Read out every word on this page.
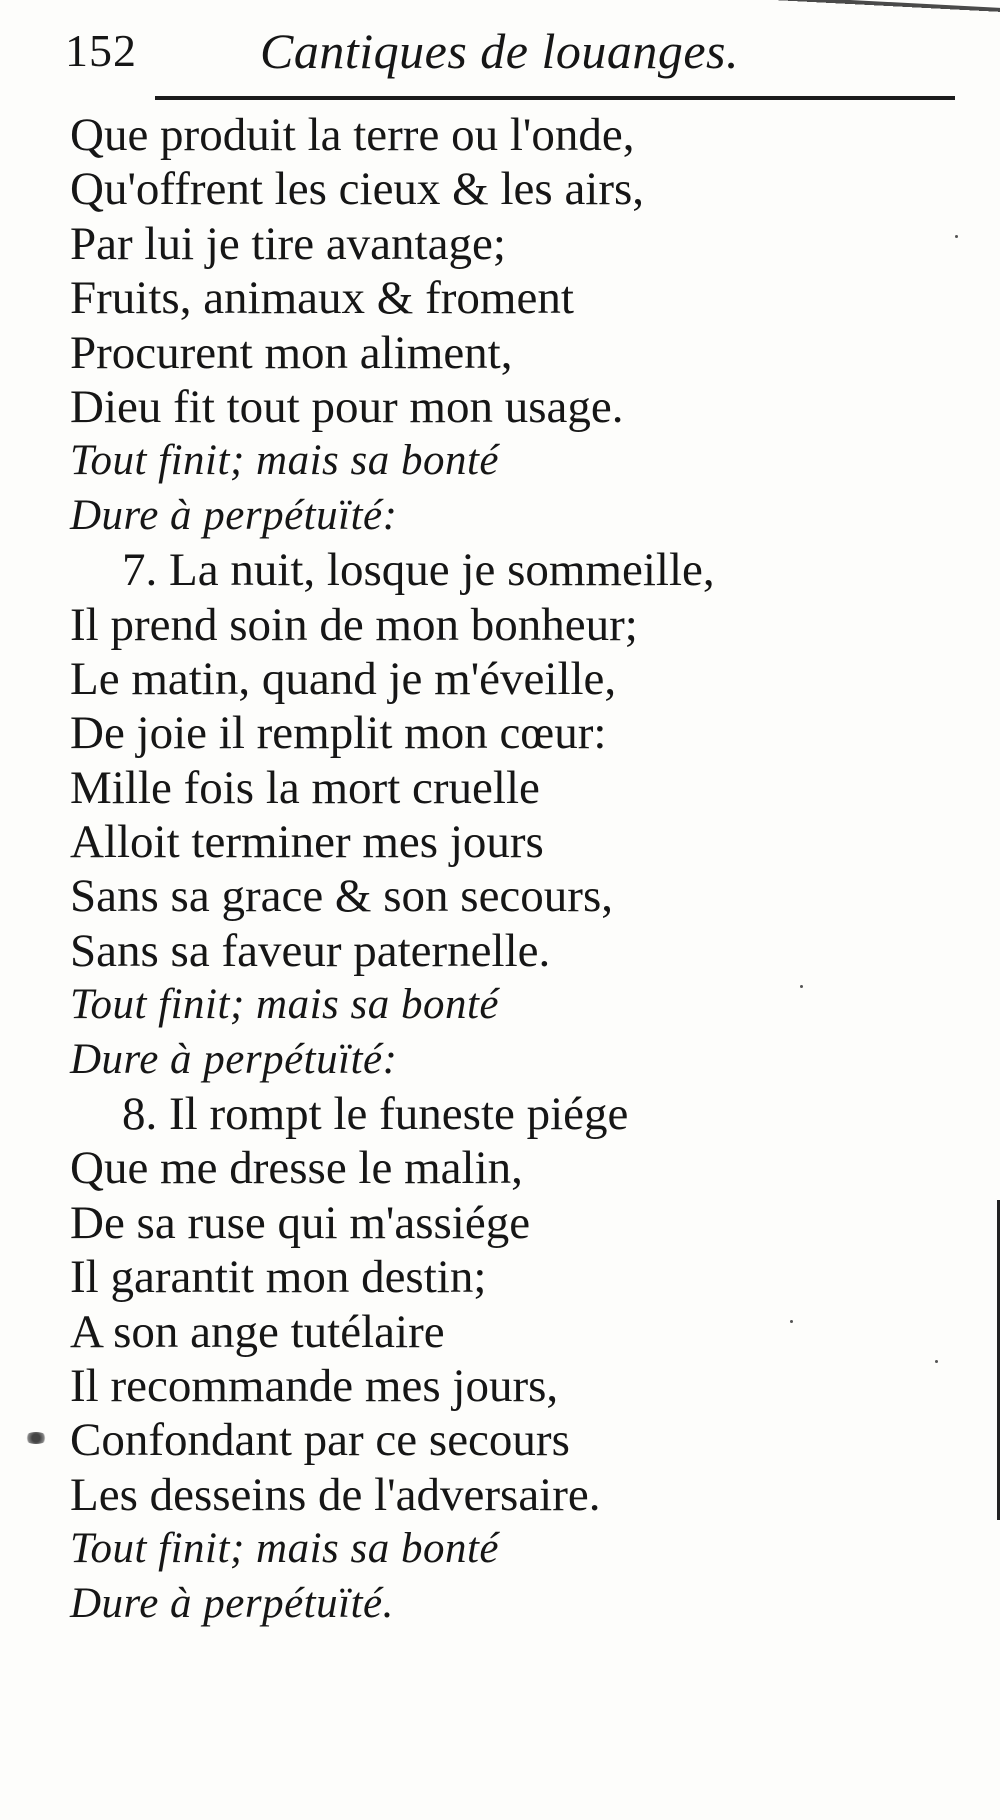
152 Cantiques de louanges.
Que produit la terre ou l'onde,
Qu'offrent les cieux & les airs,
Par lui je tire avantage;
Fruits, animaux & froment
Procurent mon aliment,
Dieu fit tout pour mon usage.
Tout finit; mais sa bonté
Dure à perpétuïté:
7. La nuit, losque je sommeille,
Il prend soin de mon bonheur;
Le matin, quand je m'éveille,
De joie il remplit mon cœur:
Mille fois la mort cruelle
Alloit terminer mes jours
Sans sa grace & son secours,
Sans sa faveur paternelle.
Tout finit; mais sa bonté
Dure à perpétuïté:
8. Il rompt le funeste piége
Que me dresse le malin,
De sa ruse qui m'assiége
Il garantit mon destin;
A son ange tutélaire
Il recommande mes jours,
Confondant par ce secours
Les desseins de l'adversaire.
Tout finit; mais sa bonté
Dure à perpétuïté.
